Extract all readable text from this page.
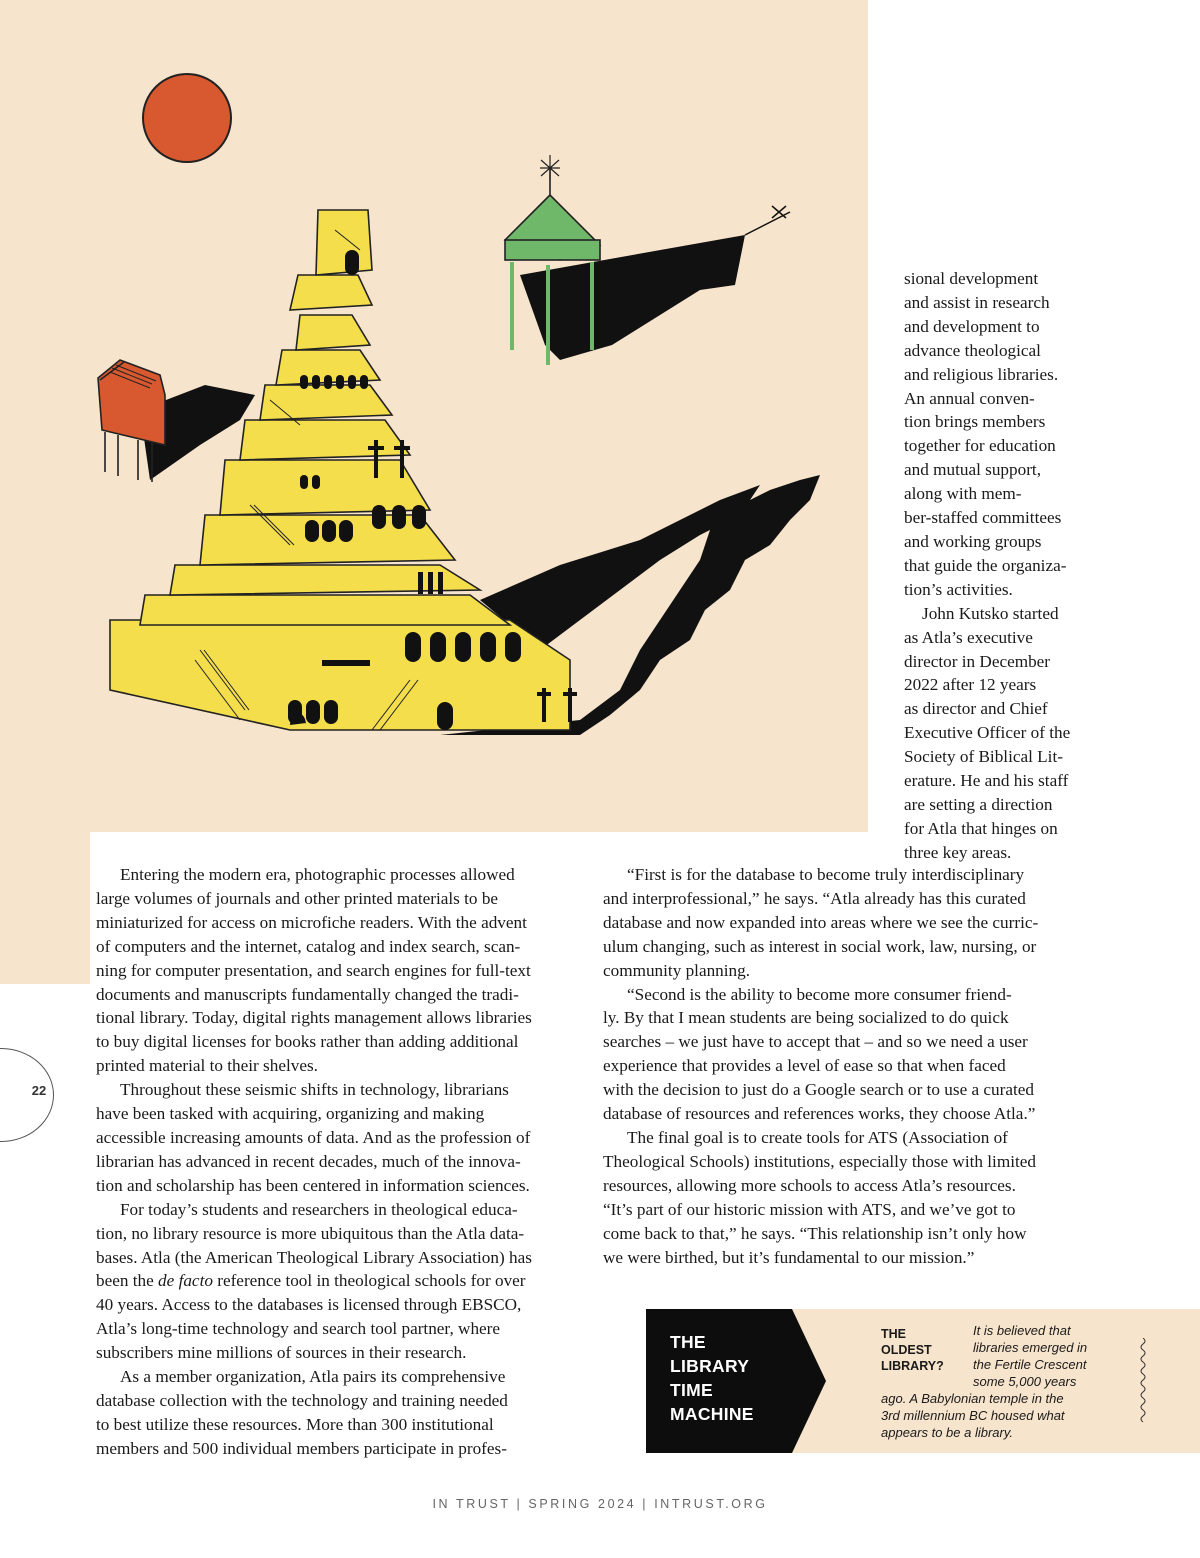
sional development
and assist in research
and development to
advance theological
and religious libraries.
An annual conven-
tion brings members
together for education
and mutual support,
along with mem-
ber-staffed committees
and working groups
that guide the organiza-
tion’s activities.
John Kutsko started
as Atla’s executive
director in December
2022 after 12 years
as director and Chief
Executive Officer of the
Society of Biblical Lit-
erature. He and his staff
are setting a direction
for Atla that hinges on
three key areas.
Entering the modern era, photographic processes allowed
large volumes of journals and other printed materials to be
miniaturized for access on microfiche readers. With the advent
of computers and the internet, catalog and index search, scan-
ning for computer presentation, and search engines for full-text
documents and manuscripts fundamentally changed the tradi-
tional library. Today, digital rights management allows libraries
to buy digital licenses for books rather than adding additional
printed material to their shelves.
Throughout these seismic shifts in technology, librarians
have been tasked with acquiring, organizing and making
accessible increasing amounts of data. And as the profession of
librarian has advanced in recent decades, much of the innova-
tion and scholarship has been centered in information sciences.
For today’s students and researchers in theological educa-
tion, no library resource is more ubiquitous than the Atla data-
bases. Atla (the American Theological Library Association) has
been the de facto reference tool in theological schools for over
40 years. Access to the databases is licensed through EBSCO,
Atla’s long-time technology and search tool partner, where
subscribers mine millions of sources in their research.
As a member organization, Atla pairs its comprehensive
database collection with the technology and training needed
to best utilize these resources. More than 300 institutional
members and 500 individual members participate in profes-
“First is for the database to become truly interdisciplinary
and interprofessional,” he says. “Atla already has this curated
database and now expanded into areas where we see the curric-
ulum changing, such as interest in social work, law, nursing, or
community planning.
“Second is the ability to become more consumer friend-
ly. By that I mean students are being socialized to do quick
searches – we just have to accept that – and so we need a user
experience that provides a level of ease so that when faced
with the decision to just do a Google search or to use a curated
database of resources and references works, they choose Atla.”
The final goal is to create tools for ATS (Association of
Theological Schools) institutions, especially those with limited
resources, allowing more schools to access Atla’s resources.
“It’s part of our historic mission with ATS, and we’ve got to
come back to that,” he says. “This relationship isn’t only how
we were birthed, but it’s fundamental to our mission.”
22
THE
LIBRARY
TIME
MACHINE
THE
OLDEST
LIBRARY?
It is believed that
libraries emerged in
the Fertile Crescent
some 5,000 years
ago. A Babylonian temple in the
3rd millennium BC housed what
appears to be a library.
IN TRUST | SPRING 2024 | INTRUST.ORG
